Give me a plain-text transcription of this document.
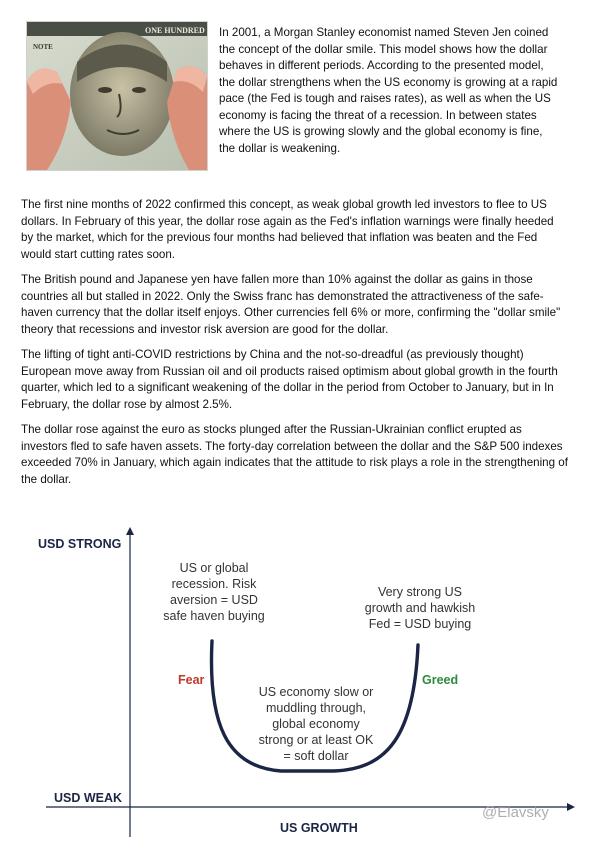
ONE HUNDRED
NOTE

In 2001, a Morgan Stanley economist named Steven Jen coined the concept of the dollar smile. This model shows how the dollar behaves in different periods. According to the presented model, the dollar strengthens when the US economy is growing at a rapid pace (the Fed is tough and raises rates), as well as when the US economy is facing the threat of a recession. In between states where the US is growing slowly and the global economy is fine, the dollar is weakening.

The first nine months of 2022 confirmed this concept, as weak global growth led investors to flee to US dollars. In February of this year, the dollar rose again as the Fed's inflation warnings were finally heeded by the market, which for the previous four months had believed that inflation was beaten and the Fed would start cutting rates soon.

The British pound and Japanese yen have fallen more than 10% against the dollar as gains in those countries all but stalled in 2022. Only the Swiss franc has demonstrated the attractiveness of the safe-haven currency that the dollar itself enjoys. Other currencies fell 6% or more, confirming the "dollar smile" theory that recessions and investor risk aversion are good for the dollar.

The lifting of tight anti-COVID restrictions by China and the not-so-dreadful (as previously thought) European move away from Russian oil and oil products raised optimism about global growth in the fourth quarter, which led to a significant weakening of the dollar in the period from October to January, but in In February, the dollar rose by almost 2.5%.

The dollar rose against the euro as stocks plunged after the Russian-Ukrainian conflict erupted as investors fled to safe haven assets. The forty-day correlation between the dollar and the S&P 500 indexes exceeded 70% in January, which again indicates that the attitude to risk plays a role in the strengthening of the dollar.

USD STRONG
USD WEAK
US GROWTH
Fear	Greed
US or global
recession. Risk
aversion = USD
safe haven buying
Very strong US
growth and hawkish
Fed = USD buying
US economy slow or
muddling through,
global economy
strong or at least OK
= soft dollar
@Elavsky
